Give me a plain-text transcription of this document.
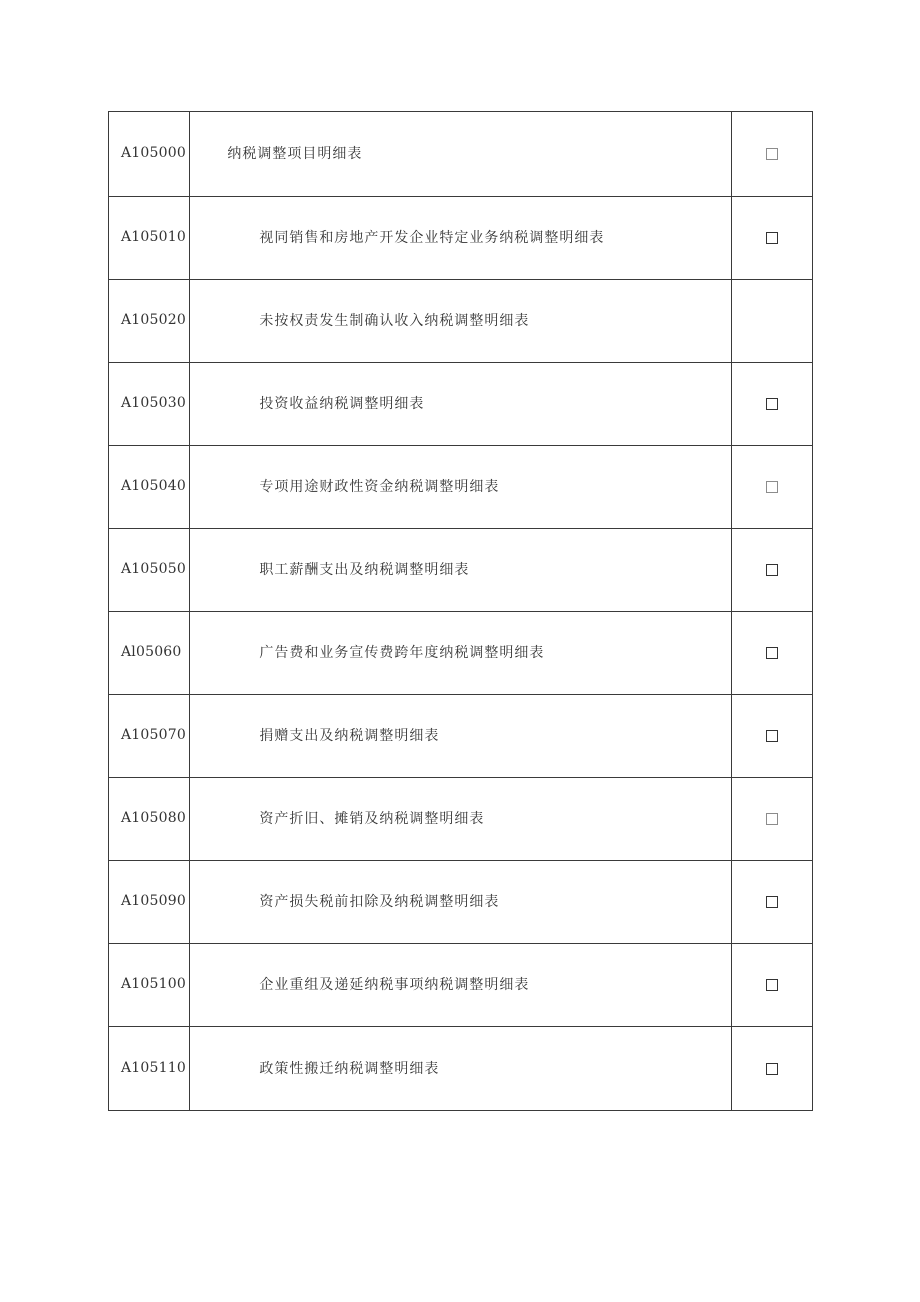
A105000	纳税调整项目明细表	

A105010	视同销售和房地产开发企业特定业务纳税调整明细表	

A105020	未按权责发生制确认收入纳税调整明细表	

A105030	投资收益纳税调整明细表	

A105040	专项用途财政性资金纳税调整明细表	

A105050	职工薪酬支出及纳税调整明细表	

Al05060	广告费和业务宣传费跨年度纳税调整明细表	

A105070	捐赠支出及纳税调整明细表	

A105080	资产折旧、摊销及纳税调整明细表	

A105090	资产损失税前扣除及纳税调整明细表	

A105100	企业重组及递延纳税事项纳税调整明细表	

A105110	政策性搬迁纳税调整明细表	
